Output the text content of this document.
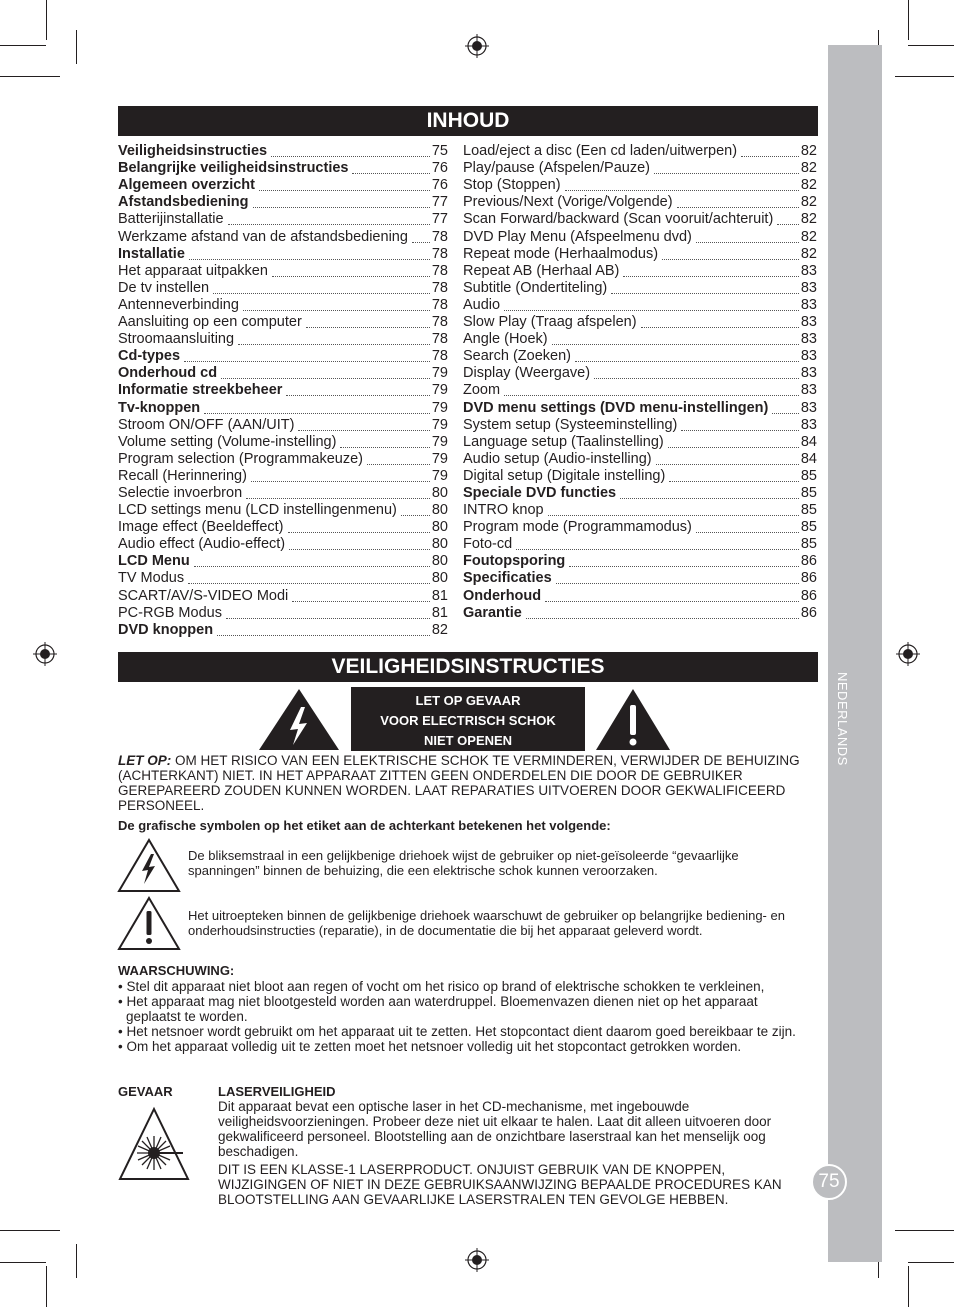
NEDERLANDS
75
INHOUD
Veiligheidsinstructies	75
Belangrijke veiligheidsinstructies	76
Algemeen overzicht	76
Afstandsbediening	77
Batterijinstallatie	77
Werkzame afstand van de afstandsbediening 78
Installatie	78
Het apparaat uitpakken	78
De tv instellen	78
Antenneverbinding	78
Aansluiting op een computer	78
Stroomaansluiting	78
Cd-types	78
Onderhoud cd	79
Informatie streekbeheer	79
Tv-knoppen	79
Stroom ON/OFF (AAN/UIT)	79
Volume setting (Volume-instelling)	79
Program selection (Programmakeuze)	79
Recall (Herinnering)	79
Selectie invoerbron	80
LCD settings menu (LCD instellingenmenu) 80
Image effect (Beeldeffect)	80
Audio effect (Audio-effect)	80
LCD Menu	80
TV Modus	80
SCART/AV/S-VIDEO Modi	81
PC-RGB Modus	81
DVD knoppen	82
Load/eject a disc (Een cd laden/uitwerpen)	82
Play/pause (Afspelen/Pauze)	82
Stop (Stoppen)	82
Previous/Next (Vorige/Volgende)	82
Scan Forward/backward (Scan vooruit/achteruit) 82
DVD Play Menu (Afspeelmenu dvd)	82
Repeat mode (Herhaalmodus)	82
Repeat AB (Herhaal AB)	83
Subtitle (Ondertiteling)	83
Audio	83
Slow Play (Traag afspelen)	83
Angle (Hoek)	83
Search (Zoeken)	83
Display (Weergave)	83
Zoom	83
DVD menu settings (DVD menu-instellingen) 83
System setup (Systeeminstelling)	83
Language setup (Taalinstelling)	84
Audio setup (Audio-instelling)	84
Digital setup (Digitale instelling)	85
Speciale DVD functies	85
INTRO knop	85
Program mode (Programmamodus)	85
Foto-cd	85
Foutopsporing	86
Specificaties	86
Onderhoud	86
Garantie	86
VEILIGHEIDSINSTRUCTIES
LET OP GEVAAR
VOOR ELECTRISCH SCHOK
NIET OPENEN
LET OP: OM HET RISICO VAN EEN ELEKTRISCHE SCHOK TE VERMINDEREN, VERWIJDER DE BEHUIZING (ACHTERKANT) NIET. IN HET APPARAAT ZITTEN GEEN ONDERDELEN DIE DOOR DE GEBRUIKER GEREPAREERD ZOUDEN KUNNEN WORDEN. LAAT REPARATIES UITVOEREN DOOR GEKWALIFICEERD PERSONEEL.
De grafische symbolen op het etiket aan de achterkant betekenen het volgende:
De bliksemstraal in een gelijkbenige driehoek wijst de gebruiker op niet-geïsoleerde “gevaarlijke spanningen” binnen de behuizing, die een elektrische schok kunnen veroorzaken.
Het uitroepteken binnen de gelijkbenige driehoek waarschuwt de gebruiker op belangrijke bediening- en onderhoudsinstructies (reparatie), in de documentatie die bij het apparaat geleverd wordt.
WAARSCHUWING:
• Stel dit apparaat niet bloot aan regen of vocht om het risico op brand of elektrische schokken te verkleinen,
• Het apparaat mag niet blootgesteld worden aan waterdruppel. Bloemenvazen dienen niet op het apparaat geplaatst te worden.
• Het netsnoer wordt gebruikt om het apparaat uit te zetten. Het stopcontact dient daarom goed bereikbaar te zijn.
• Om het apparaat volledig uit te zetten moet het netsnoer volledig uit het stopcontact getrokken worden.
GEVAAR	LASERVEILIGHEID
Dit apparaat bevat een optische laser in het CD-mechanisme, met ingebouwde veiligheidsvoorzieningen. Probeer deze niet uit elkaar te halen. Laat dit alleen uitvoeren door gekwalificeerd personeel. Blootstelling aan de onzichtbare laserstraal kan het menselijk oog beschadigen.
DIT IS EEN KLASSE-1 LASERPRODUCT. ONJUIST GEBRUIK VAN DE KNOPPEN, WIJZIGINGEN OF NIET IN DEZE GEBRUIKSAANWIJZING BEPAALDE PROCEDURES KAN BLOOTSTELLING AAN GEVAARLIJKE LASERSTRALEN TEN GEVOLGE HEBBEN.
